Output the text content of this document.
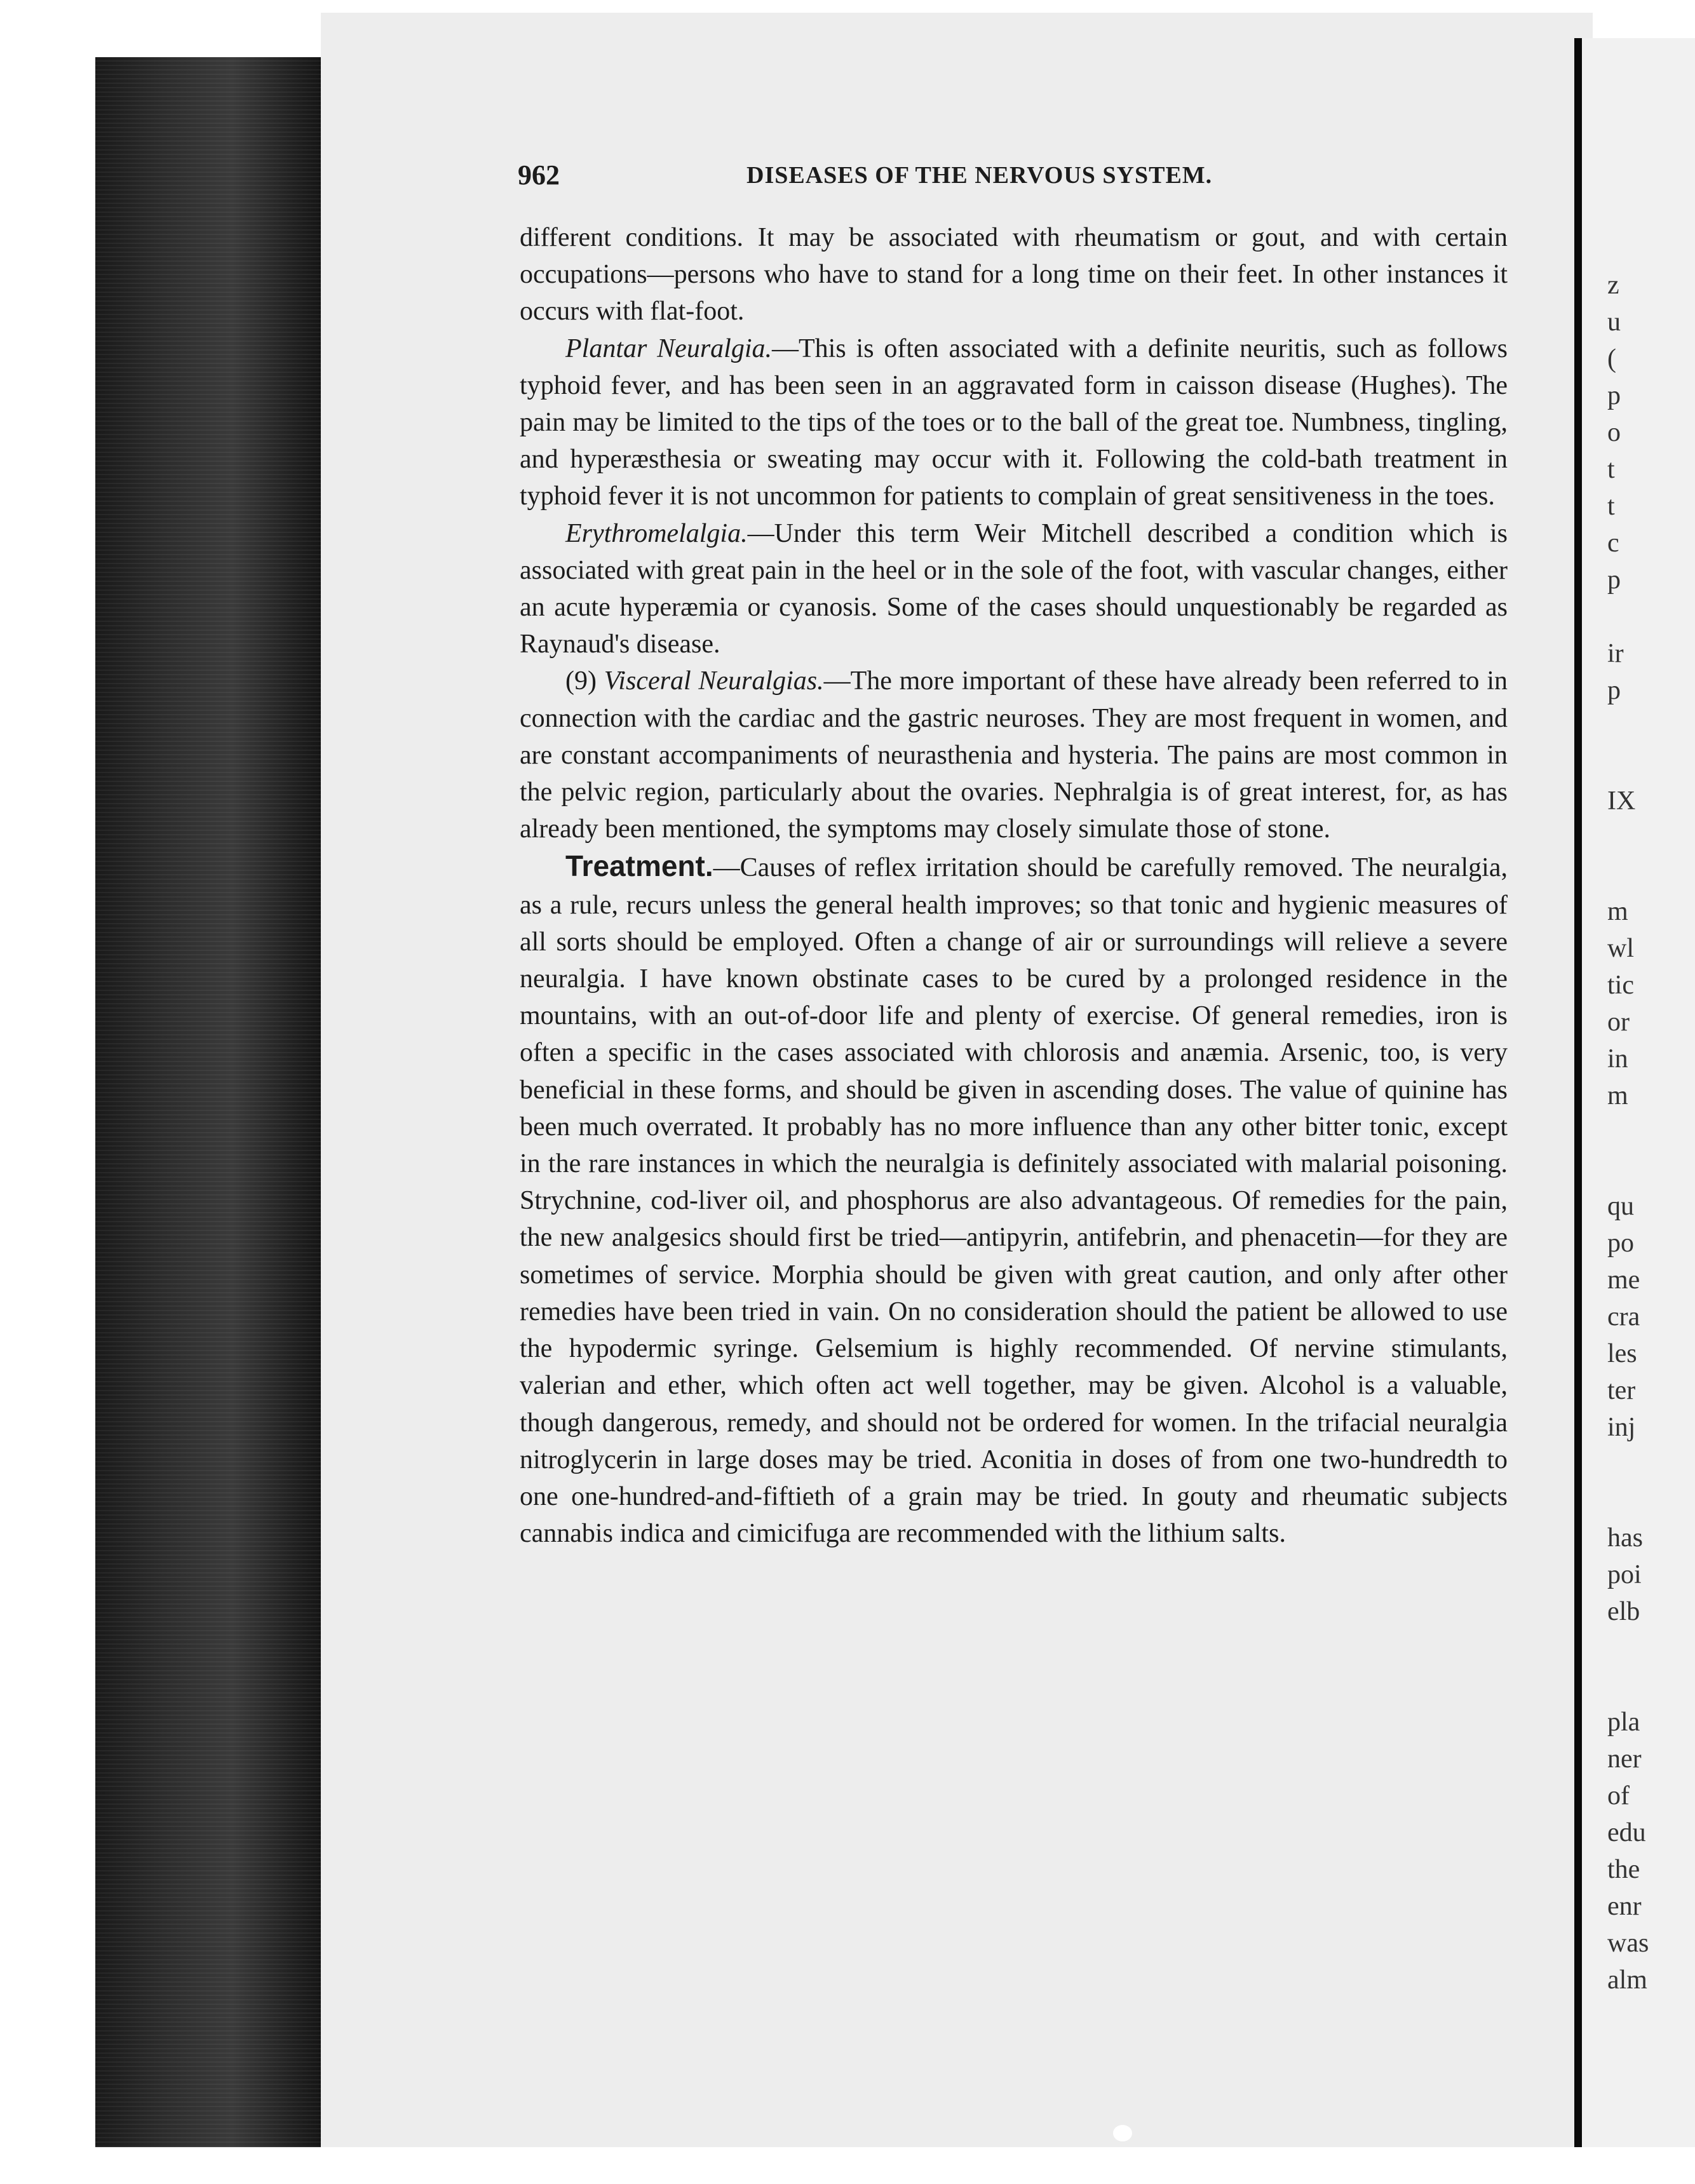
z
u
(
p
o
t
t
c
p
ir
p
IX
m
wl
tic
or
in
m
qu
po
me
cra
les
ter
inj
has
poi
elb
pla
ner
of
edu
the
enr
was
alm
962	DISEASES OF THE NERVOUS SYSTEM.

different conditions. It may be associated with rheumatism or gout, and with certain occupations—persons who have to stand for a long time on their feet. In other instances it occurs with flat-foot.

Plantar Neuralgia.—This is often associated with a definite neuritis, such as follows typhoid fever, and has been seen in an aggravated form in caisson disease (Hughes). The pain may be limited to the tips of the toes or to the ball of the great toe. Numbness, tingling, and hyperæsthesia or sweating may occur with it. Following the cold-bath treatment in typhoid fever it is not uncommon for patients to complain of great sensitiveness in the toes.

Erythromelalgia.—Under this term Weir Mitchell described a condition which is associated with great pain in the heel or in the sole of the foot, with vascular changes, either an acute hyperæmia or cyanosis. Some of the cases should unquestionably be regarded as Raynaud's disease.

(9) Visceral Neuralgias.—The more important of these have already been referred to in connection with the cardiac and the gastric neuroses. They are most frequent in women, and are constant accompaniments of neurasthenia and hysteria. The pains are most common in the pelvic region, particularly about the ovaries. Nephralgia is of great interest, for, as has already been mentioned, the symptoms may closely simulate those of stone.

Treatment.—Causes of reflex irritation should be carefully removed. The neuralgia, as a rule, recurs unless the general health improves; so that tonic and hygienic measures of all sorts should be employed. Often a change of air or surroundings will relieve a severe neuralgia. I have known obstinate cases to be cured by a prolonged residence in the mountains, with an out-of-door life and plenty of exercise. Of general remedies, iron is often a specific in the cases associated with chlorosis and anæmia. Arsenic, too, is very beneficial in these forms, and should be given in ascending doses. The value of quinine has been much overrated. It probably has no more influence than any other bitter tonic, except in the rare instances in which the neuralgia is definitely associated with malarial poisoning. Strychnine, cod-liver oil, and phosphorus are also advantageous. Of remedies for the pain, the new analgesics should first be tried—antipyrin, antifebrin, and phenacetin—for they are sometimes of service. Morphia should be given with great caution, and only after other remedies have been tried in vain. On no consideration should the patient be allowed to use the hypodermic syringe. Gelsemium is highly recommended. Of nervine stimulants, valerian and ether, which often act well together, may be given. Alcohol is a valuable, though dangerous, remedy, and should not be ordered for women. In the trifacial neuralgia nitroglycerin in large doses may be tried. Aconitia in doses of from one two-hundredth to one one-hundred-and-fiftieth of a grain may be tried. In gouty and rheumatic subjects cannabis indica and cimicifuga are recommended with the lithium salts.
